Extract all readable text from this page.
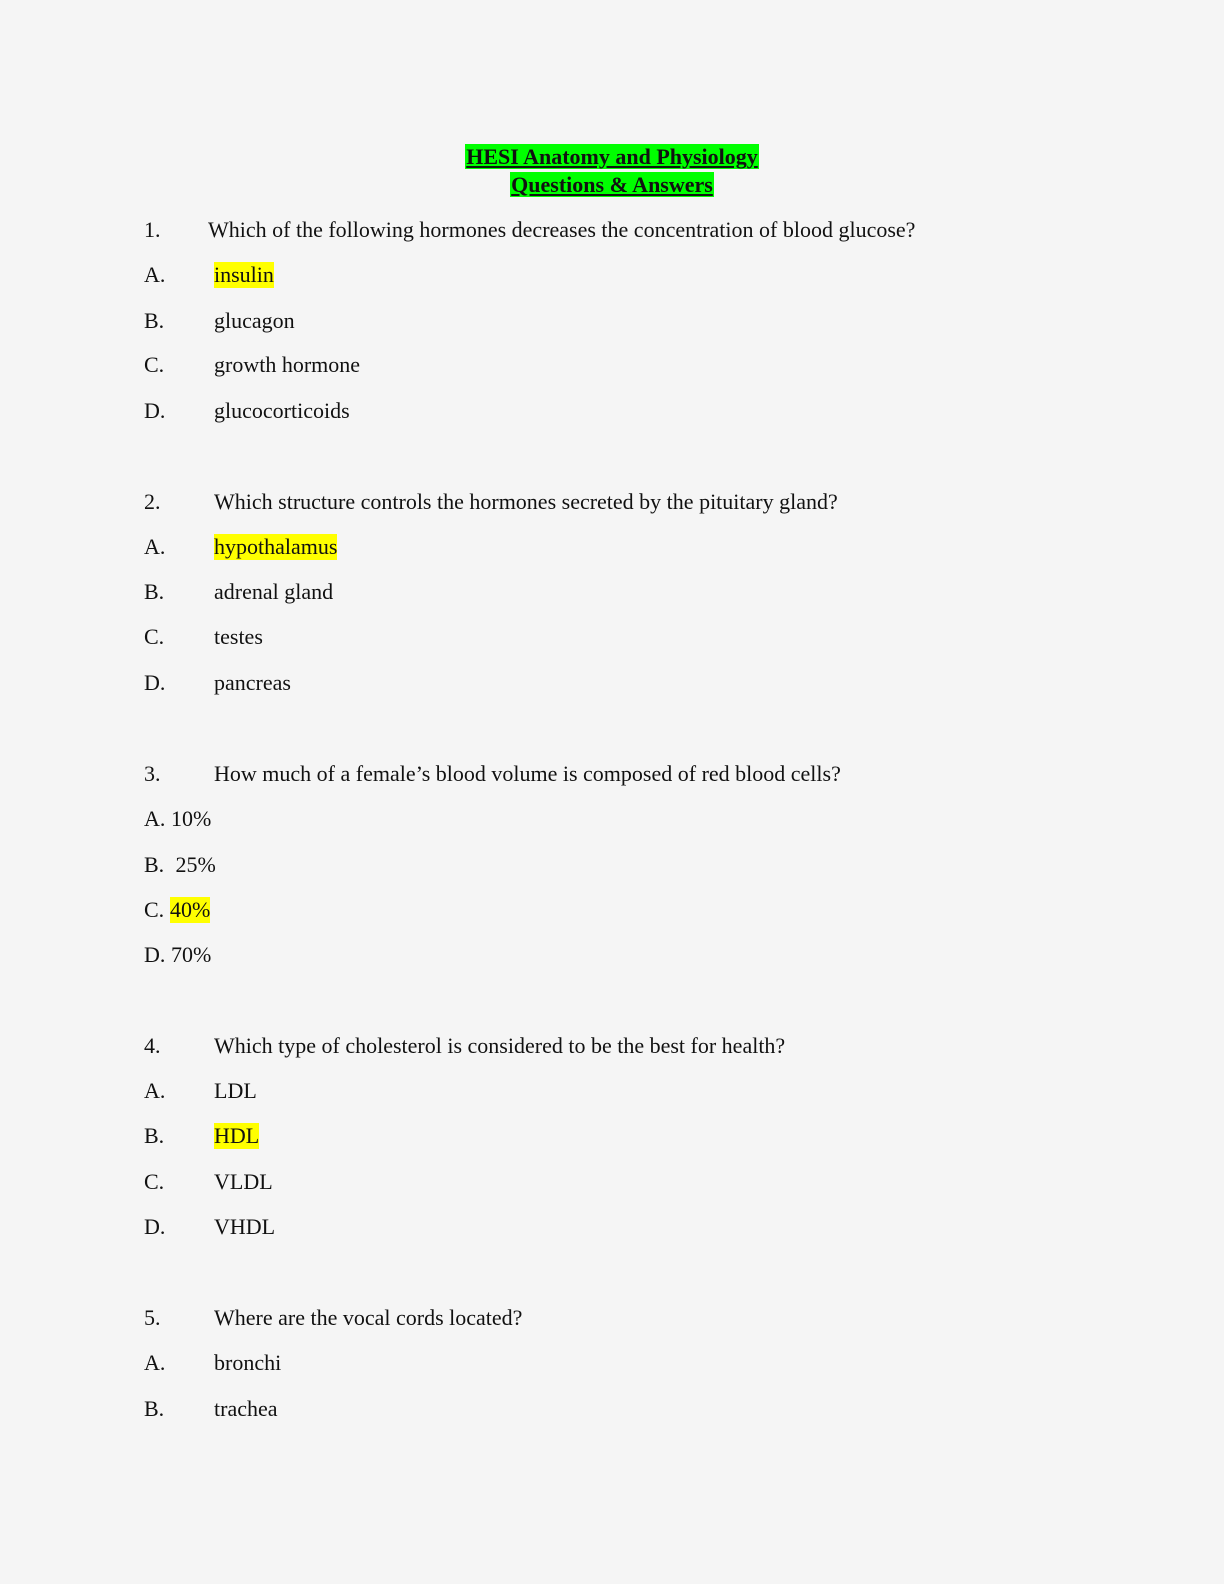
HESI Anatomy and Physiology
Questions & Answers
1. Which of the following hormones decreases the concentration of blood glucose?
A. insulin
B. glucagon
C. growth hormone
D. glucocorticoids
2. Which structure controls the hormones secreted by the pituitary gland?
A. hypothalamus
B. adrenal gland
C. testes
D. pancreas
3. How much of a female’s blood volume is composed of red blood cells?
A. 10%
B. 25%
C. 40%
D. 70%
4. Which type of cholesterol is considered to be the best for health?
A. LDL
B. HDL
C. VLDL
D. VHDL
5. Where are the vocal cords located?
A. bronchi
B. trachea
